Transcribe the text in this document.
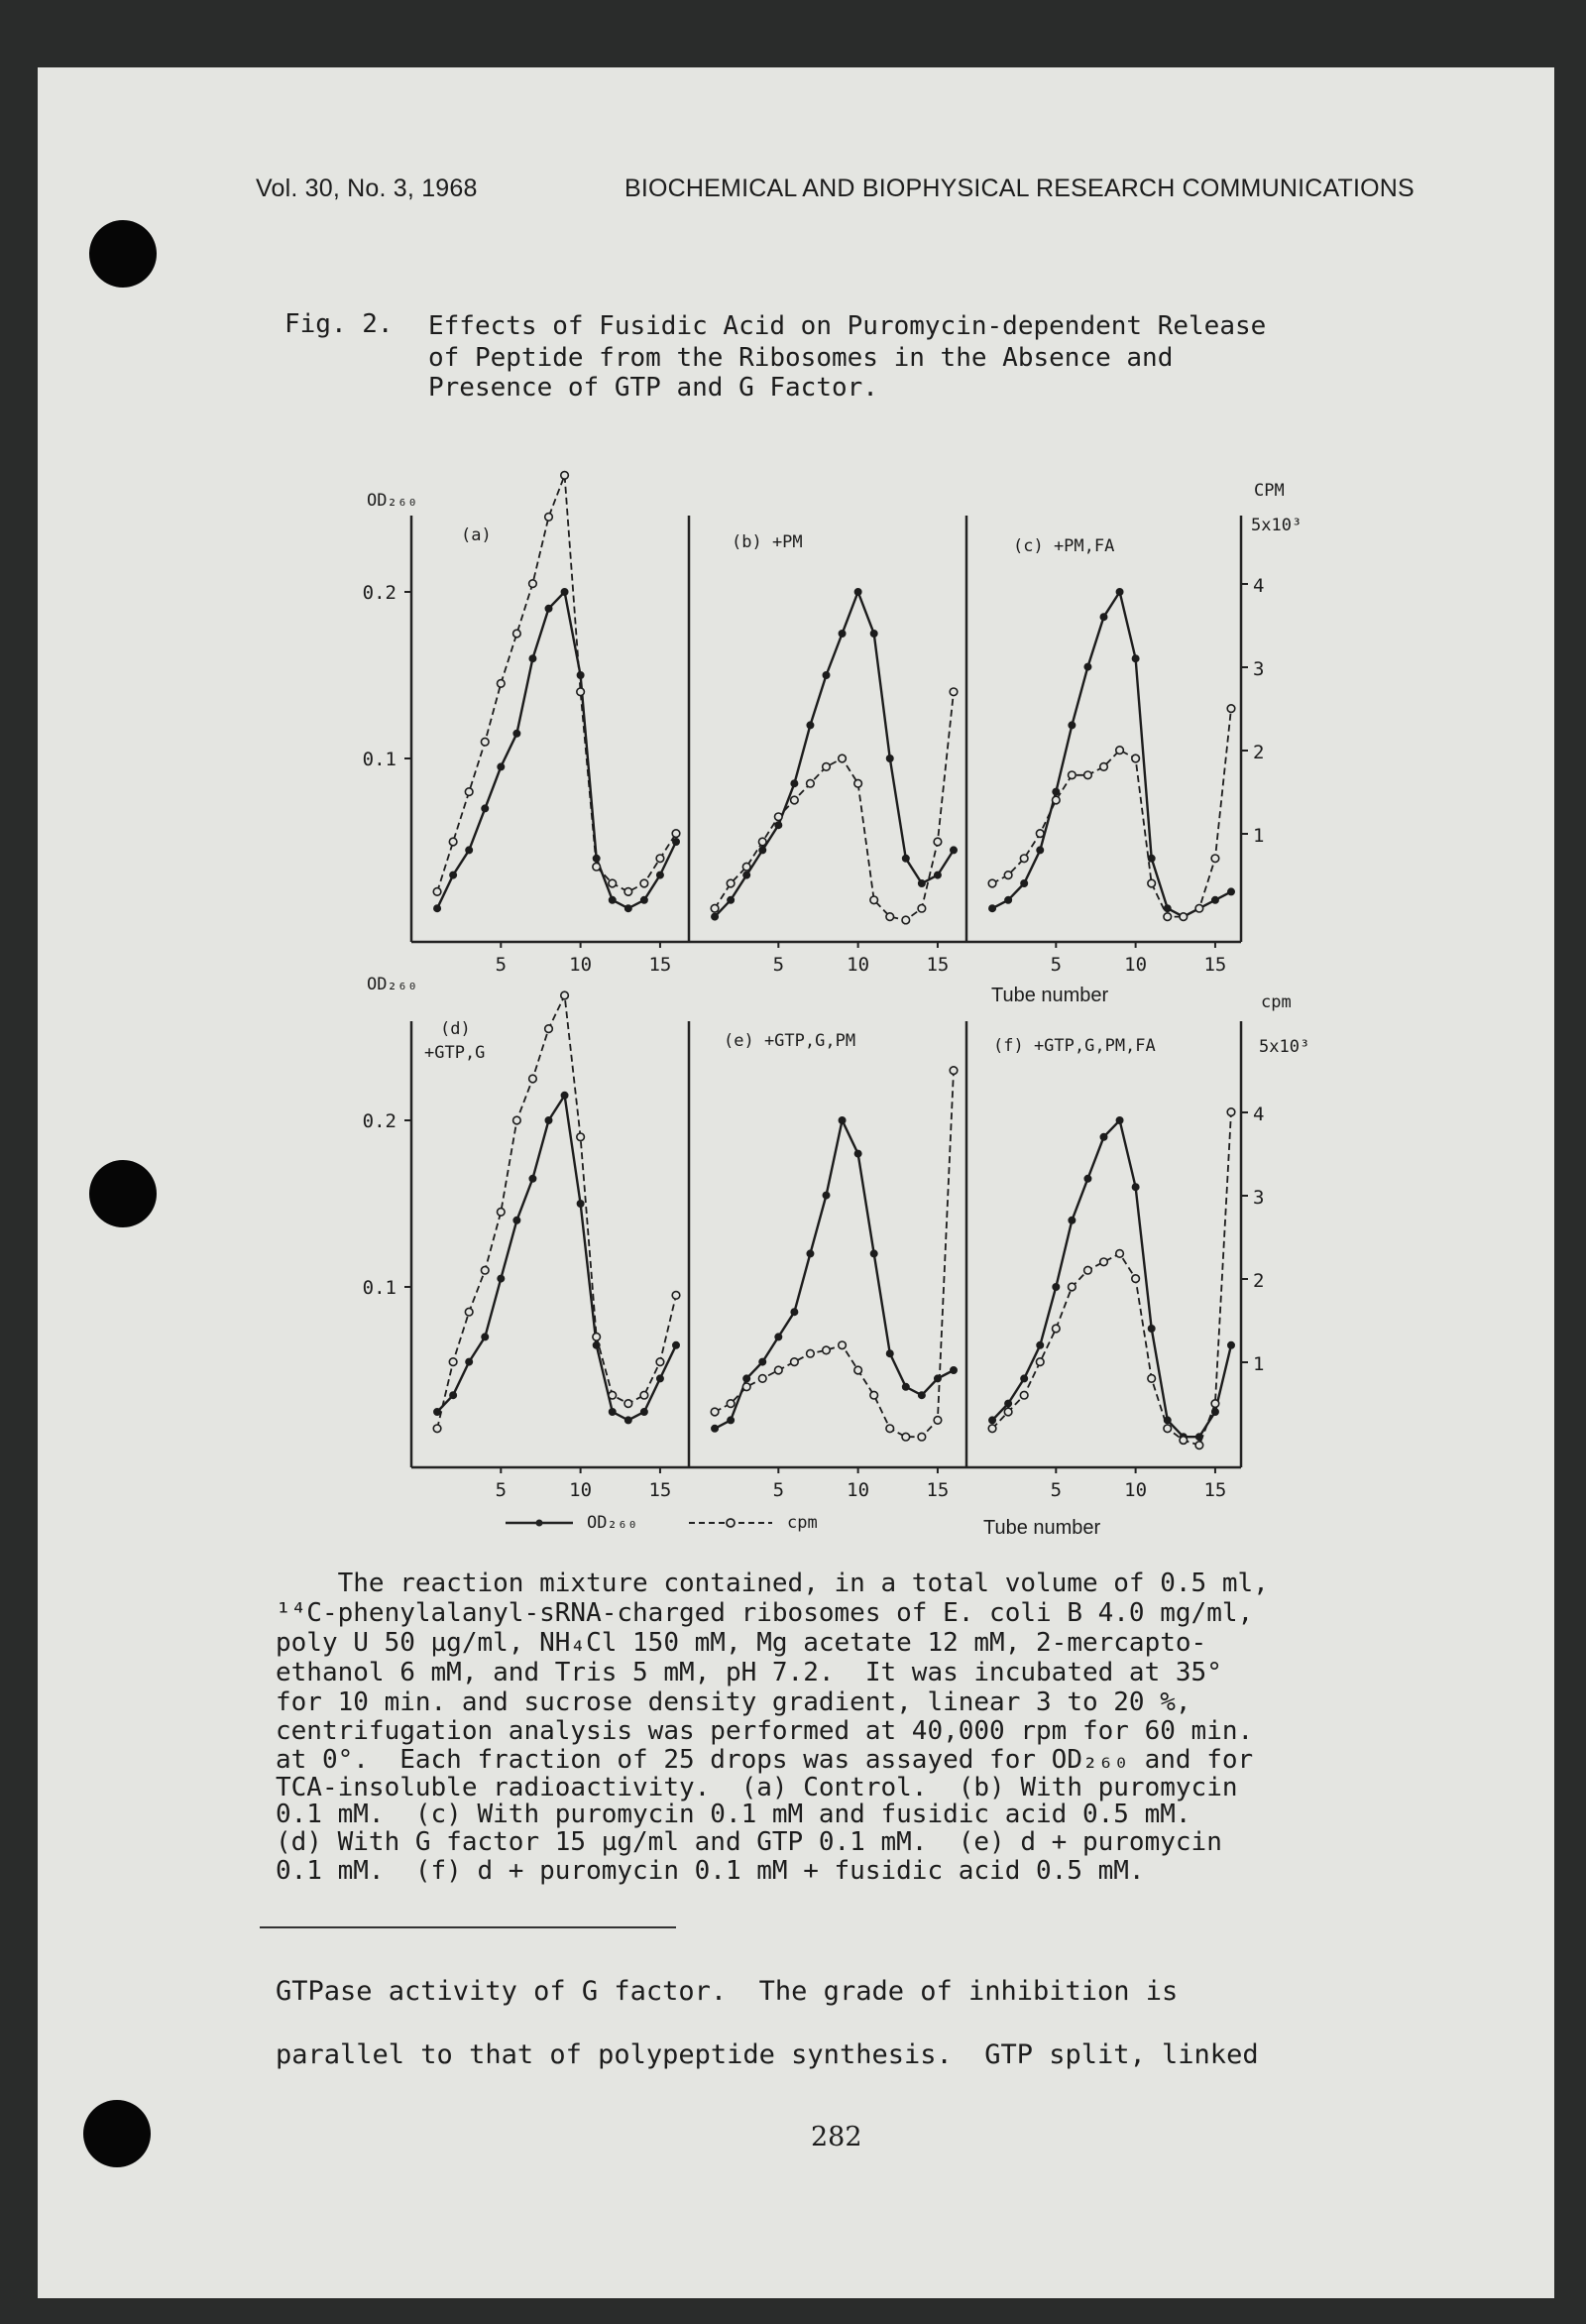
Vol. 30, No. 3, 1968	BIOCHEMICAL AND BIOPHYSICAL RESEARCH COMMUNICATIONS
Fig. 2. Effects of Fusidic Acid on Puromycin-dependent Release
of Peptide from the Ribosomes in the Absence and
Presence of GTP and G Factor.
0.2
0.1
4
3
2
1
5	10	15	5	10	15	5	10	15
0.2
0.1
4
3
2
1
5	10	15	5	10	15	5	10	15
OD₂₆₀
OD₂₆₀
CPM
5x10³
cpm
5x10³
Tube number
Tube number
OD₂₆₀	cpm
(a)	(b) +PM	(c) +PM,FA
(d)
+GTP,G
(e) +GTP,G,PM	(f) +GTP,G,PM,FA
The reaction mixture contained, in a total volume of 0.5 ml,
¹⁴C-phenylalanyl-sRNA-charged ribosomes of E. coli B 4.0 mg/ml,
poly U 50 µg/ml, NH₄Cl 150 mM, Mg acetate 12 mM, 2-mercapto-
ethanol 6 mM, and Tris 5 mM, pH 7.2.  It was incubated at 35°
for 10 min. and sucrose density gradient, linear 3 to 20 %,
centrifugation analysis was performed at 40,000 rpm for 60 min.
at 0°.  Each fraction of 25 drops was assayed for OD₂₆₀ and for
TCA-insoluble radioactivity.  (a) Control.  (b) With puromycin
0.1 mM.  (c) With puromycin 0.1 mM and fusidic acid 0.5 mM.
(d) With G factor 15 µg/ml and GTP 0.1 mM.  (e) d + puromycin
0.1 mM.  (f) d + puromycin 0.1 mM + fusidic acid 0.5 mM.
GTPase activity of G factor.  The grade of inhibition is
parallel to that of polypeptide synthesis.  GTP split, linked
282
